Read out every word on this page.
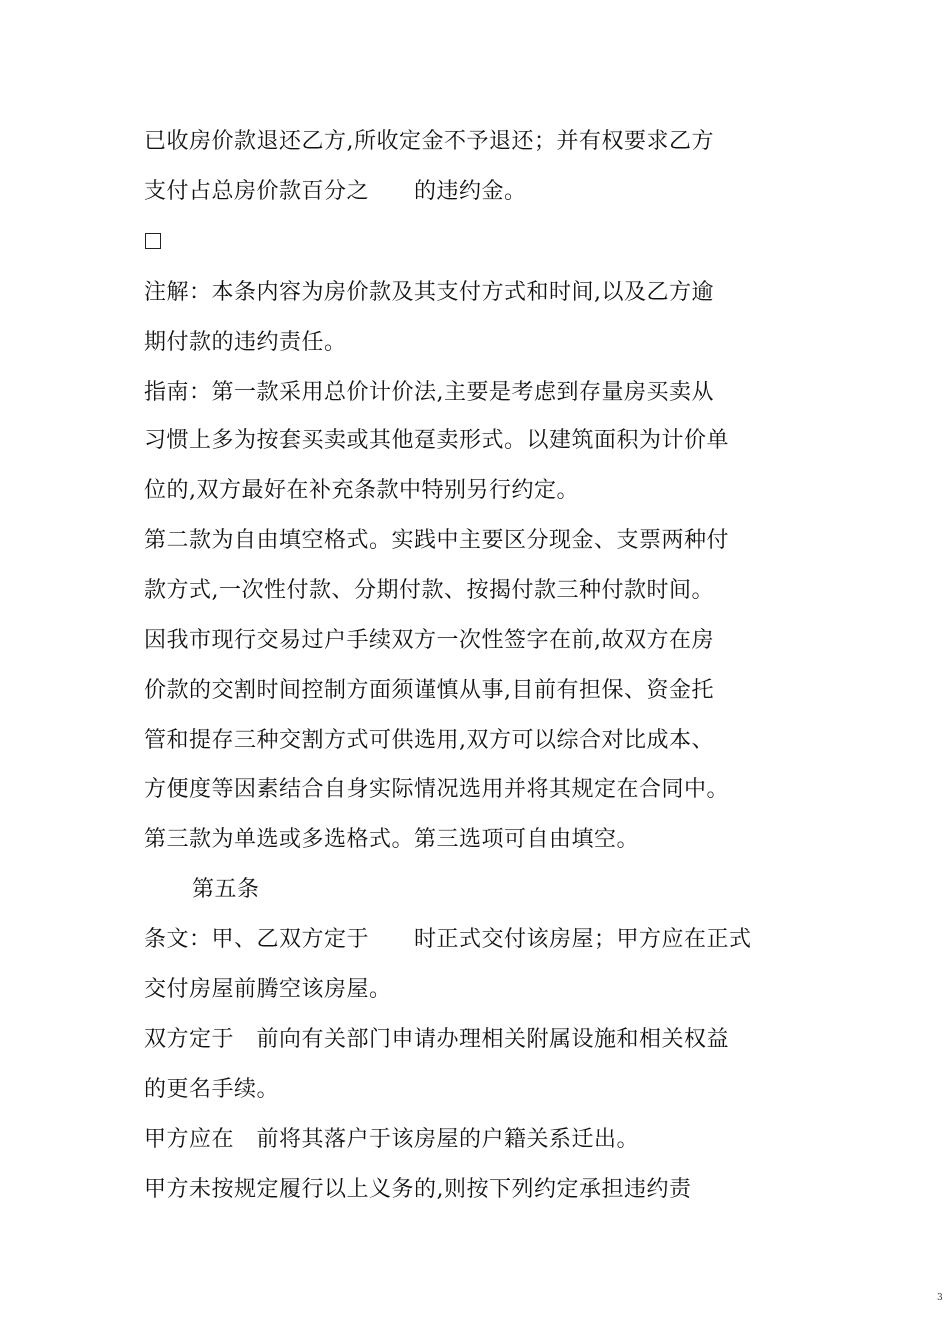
已收房价款退还乙方,所收定金不予退还；并有权要求乙方
支付占总房价款百分之　　的违约金。
注解：本条内容为房价款及其支付方式和时间,以及乙方逾
期付款的违约责任。
指南：第一款采用总价计价法,主要是考虑到存量房买卖从
习惯上多为按套买卖或其他趸卖形式。以建筑面积为计价单
位的,双方最好在补充条款中特别另行约定。
第二款为自由填空格式。实践中主要区分现金、支票两种付
款方式,一次性付款、分期付款、按揭付款三种付款时间。
因我市现行交易过户手续双方一次性签字在前,故双方在房
价款的交割时间控制方面须谨慎从事,目前有担保、资金托
管和提存三种交割方式可供选用,双方可以综合对比成本、
方便度等因素结合自身实际情况选用并将其规定在合同中。
第三款为单选或多选格式。第三选项可自由填空。
第五条
条文：甲、乙双方定于　　时正式交付该房屋；甲方应在正式
交付房屋前腾空该房屋。
双方定于　前向有关部门申请办理相关附属设施和相关权益
的更名手续。
甲方应在　前将其落户于该房屋的户籍关系迁出。
甲方未按规定履行以上义务的,则按下列约定承担违约责
3
